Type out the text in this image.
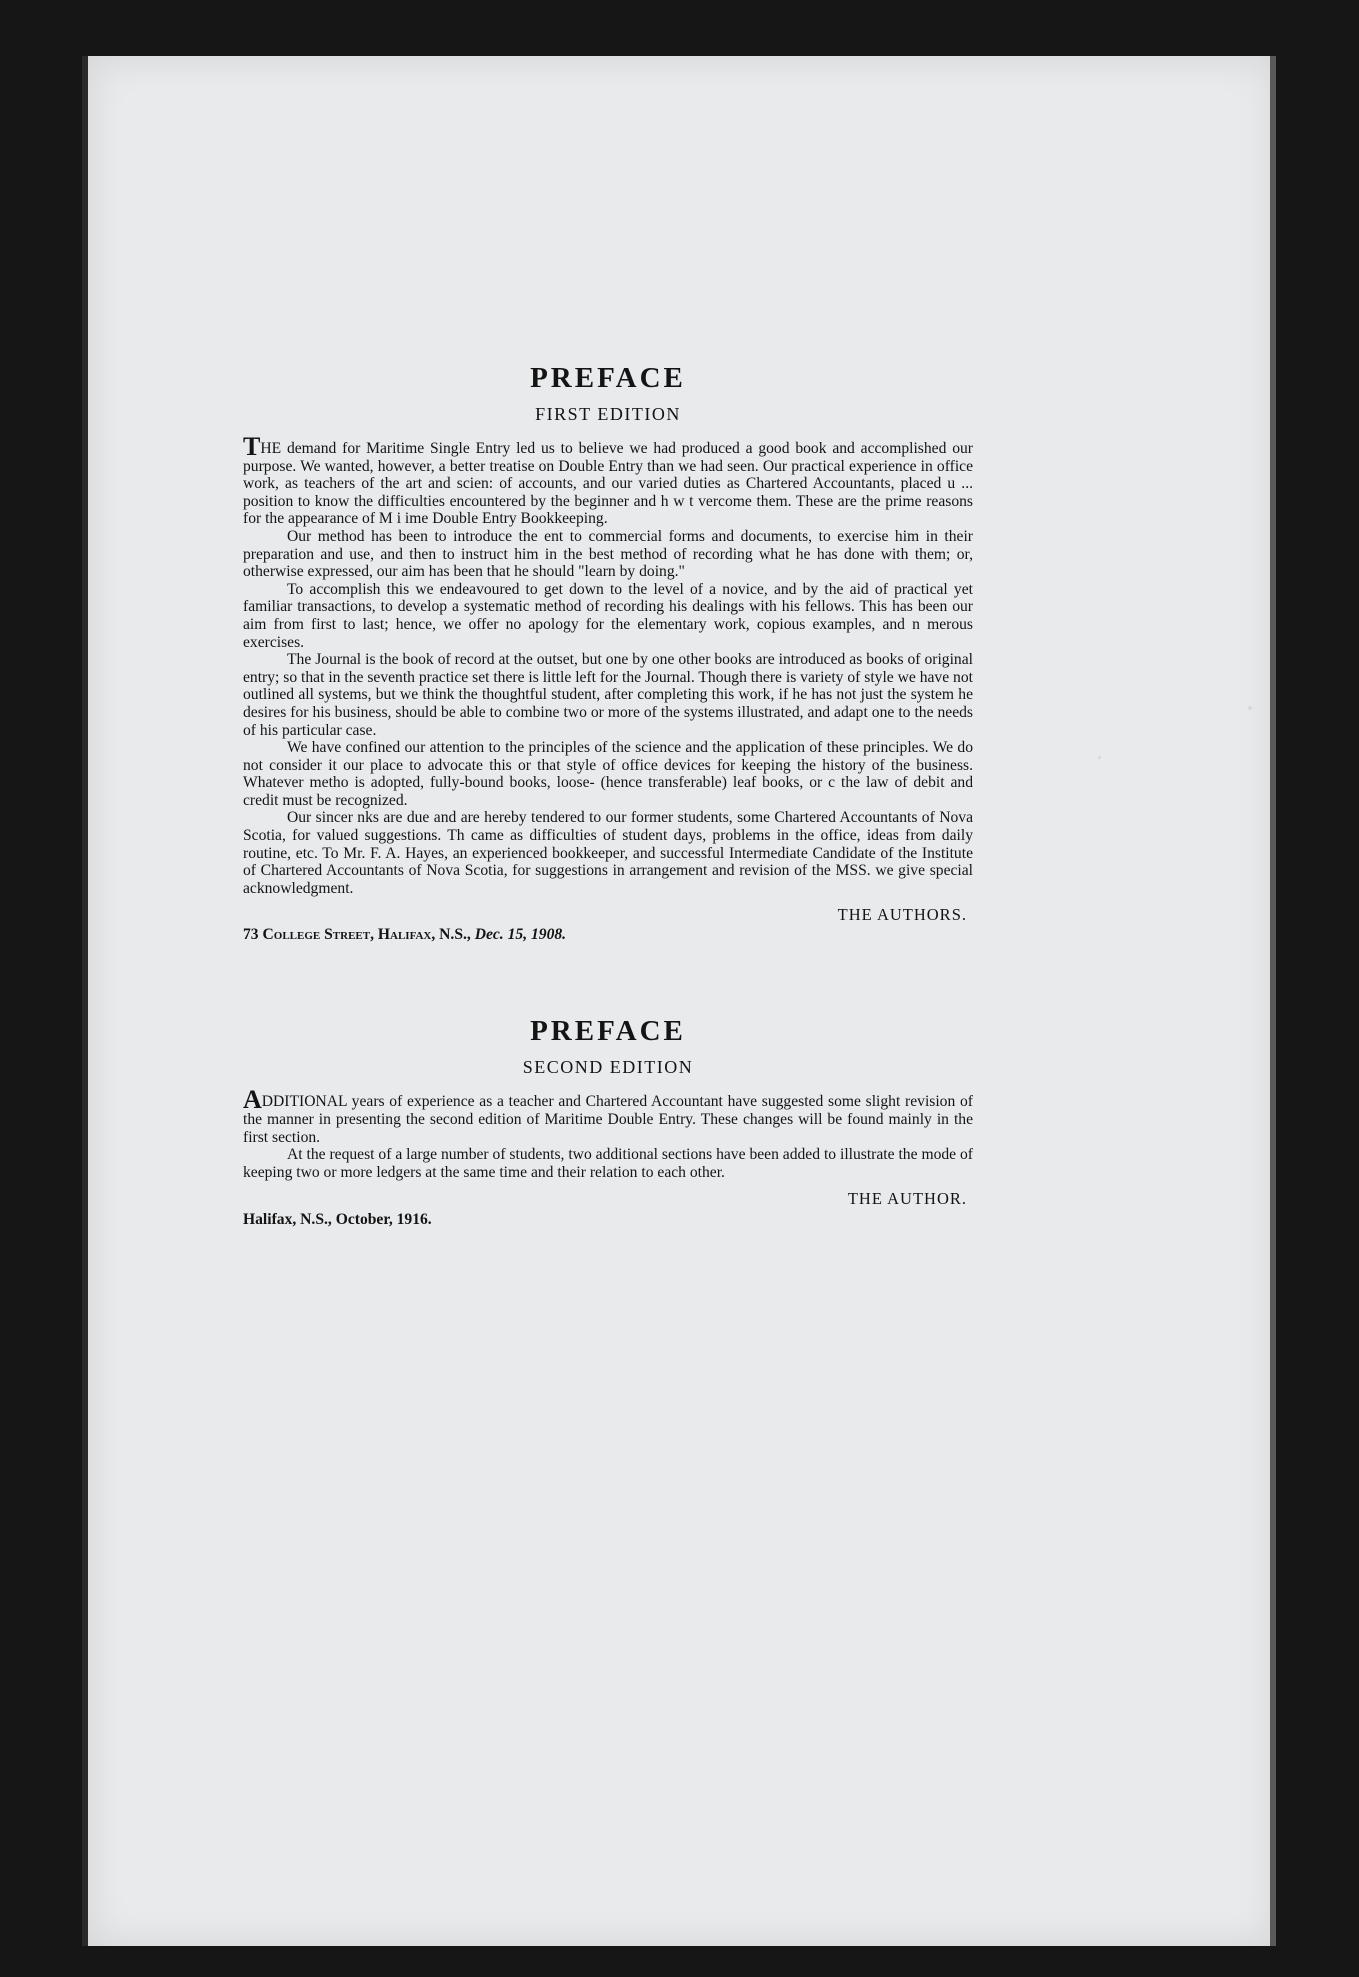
PREFACE
FIRST EDITION

THE demand for Maritime Single Entry led us to believe we had produced a good book and accomplished our purpose. We wanted, however, a better treatise on Double Entry than we had seen. Our practical experience in office work, as teachers of the art and scien: of accounts, and our varied duties as Chartered Accountants, placed u ... position to know the difficulties encountered by the beginner and h w t vercome them. These are the prime reasons for the appearance of M i ime Double Entry Bookkeeping.

Our method has been to introduce the ent to commercial forms and documents, to exercise him in their preparation and use, and then to instruct him in the best method of recording what he has done with them; or, otherwise expressed, our aim has been that he should "learn by doing."

To accomplish this we endeavoured to get down to the level of a novice, and by the aid of practical yet familiar transactions, to develop a systematic method of recording his dealings with his fellows. This has been our aim from first to last; hence, we offer no apology for the elementary work, copious examples, and n merous exercises.

The Journal is the book of record at the outset, but one by one other books are introduced as books of original entry; so that in the seventh practice set there is little left for the Journal. Though there is variety of style we have not outlined all systems, but we think the thoughtful student, after completing this work, if he has not just the system he desires for his business, should be able to combine two or more of the systems illustrated, and adapt one to the needs of his particular case.

We have confined our attention to the principles of the science and the application of these principles. We do not consider it our place to advocate this or that style of office devices for keeping the history of the business. Whatever metho is adopted, fully-bound books, loose- (hence transferable) leaf books, or c the law of debit and credit must be recognized.

Our sincer nks are due and are hereby tendered to our former students, some Chartered Accountants of Nova Scotia, for valued suggestions. Th came as difficulties of student days, problems in the office, ideas from daily routine, etc. To Mr. F. A. Hayes, an experienced bookkeeper, and successful Intermediate Candidate of the Institute of Chartered Accountants of Nova Scotia, for suggestions in arrangement and revision of the MSS. we give special acknowledgment.

THE AUTHORS.
73 College Street, Halifax, N.S., Dec. 15, 1908.
PREFACE
SECOND EDITION

ADDITIONAL years of experience as a teacher and Chartered Accountant have suggested some slight revision of the manner in presenting the second edition of Maritime Double Entry. These changes will be found mainly in the first section.

At the request of a large number of students, two additional sections have been added to illustrate the mode of keeping two or more ledgers at the same time and their relation to each other.

THE AUTHOR.
Halifax, N.S., October, 1916.
